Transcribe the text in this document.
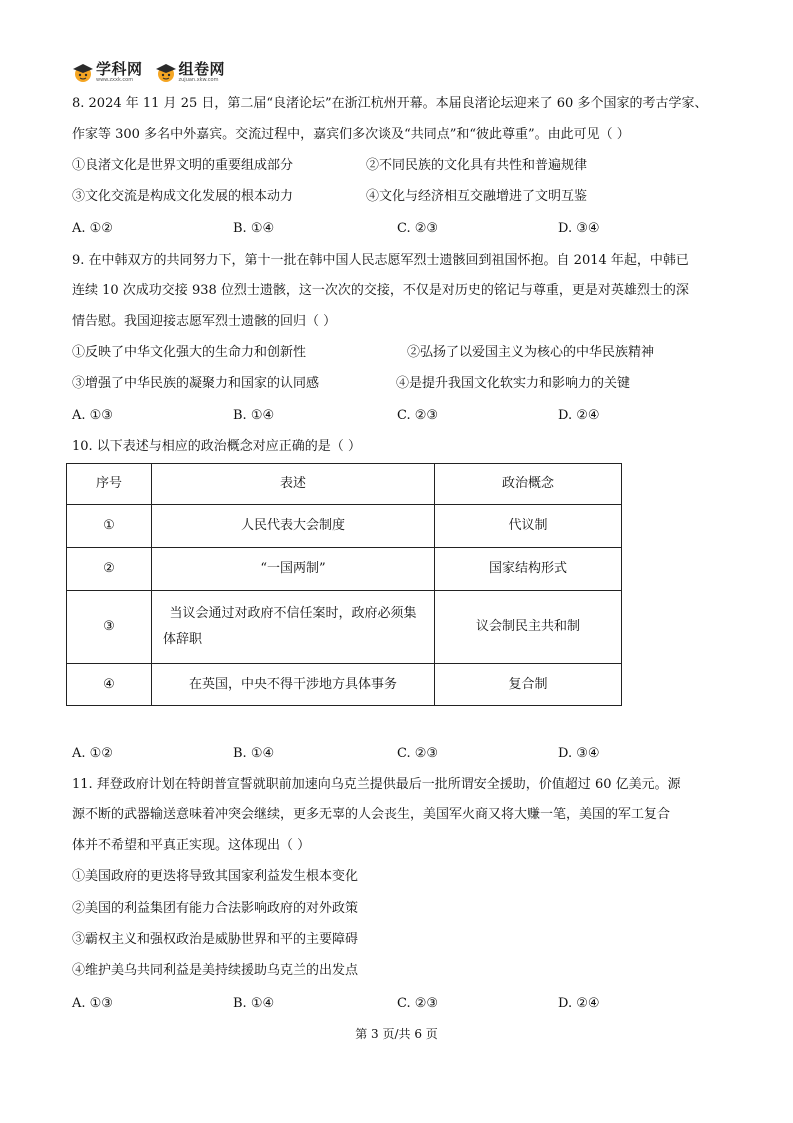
学科网
www.zxxk.com
组卷网
zujuan.xkw.com
8. 2024 年 11 月 25 日，第二届“良渚论坛”在浙江杭州开幕。本届良渚论坛迎来了 60 多个国家的考古学家、
作家等 300 多名中外嘉宾。交流过程中，嘉宾们多次谈及“共同点”和“彼此尊重”。由此可见（ ）
①良渚文化是世界文明的重要组成部分	②不同民族的文化具有共性和普遍规律
③文化交流是构成文化发展的根本动力	④文化与经济相互交融增进了文明互鉴
A. ①②	B. ①④	C. ②③	D. ③④
9. 在中韩双方的共同努力下，第十一批在韩中国人民志愿军烈士遗骸回到祖国怀抱。自 2014 年起，中韩已
连续 10 次成功交接 938 位烈士遗骸，这一次次的交接，不仅是对历史的铭记与尊重，更是对英雄烈士的深
情告慰。我国迎接志愿军烈士遗骸的回归（ ）
①反映了中华文化强大的生命力和创新性	②弘扬了以爱国主义为核心的中华民族精神
③增强了中华民族的凝聚力和国家的认同感	④是提升我国文化软实力和影响力的关键
A. ①③	B. ①④	C. ②③	D. ②④
10. 以下表述与相应的政治概念对应正确的是（ ）
序号	表述	政治概念
①	人民代表大会制度	代议制
②	“一国两制”	国家结构形式
③	当议会通过对政府不信任案时，政府必须集
体辞职	议会制民主共和制
④	在英国，中央不得干涉地方具体事务	复合制
A. ①②	B. ①④	C. ②③	D. ③④
11. 拜登政府计划在特朗普宣誓就职前加速向乌克兰提供最后一批所谓安全援助，价值超过 60 亿美元。源
源不断的武器输送意味着冲突会继续，更多无辜的人会丧生，美国军火商又将大赚一笔，美国的军工复合
体并不希望和平真正实现。这体现出（ ）
①美国政府的更迭将导致其国家利益发生根本变化
②美国的利益集团有能力合法影响政府的对外政策
③霸权主义和强权政治是威胁世界和平的主要障碍
④维护美乌共同利益是美持续援助乌克兰的出发点
A. ①③	B. ①④	C. ②③	D. ②④
第 3 页/共 6 页
